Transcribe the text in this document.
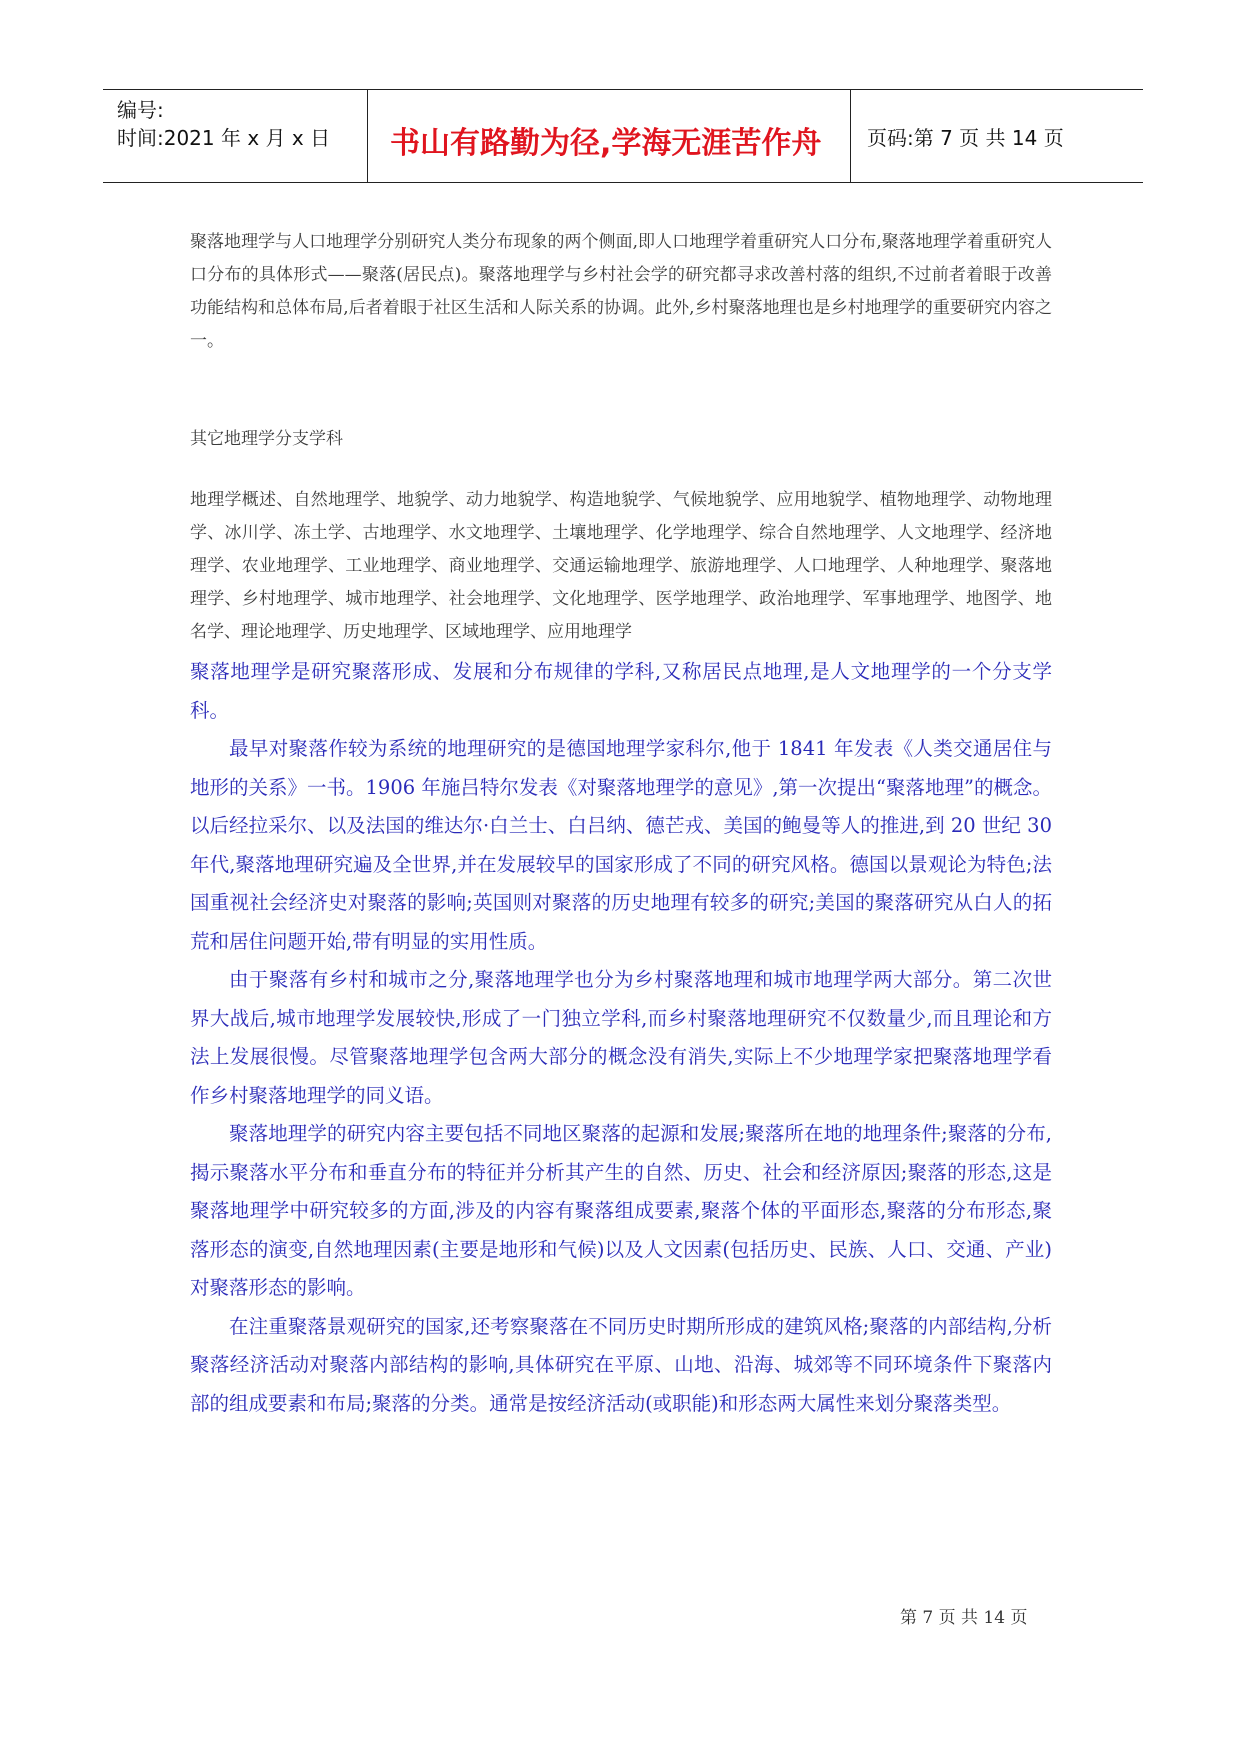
编号:
时间:2021 年 x 月 x 日 书山有路勤为径,学海无涯苦作舟 页码:第 7 页 共 14 页
聚落地理学与人口地理学分别研究人类分布现象的两个侧面,即人口地理学着重研究人口分布,聚落地理学着重研究人口分布的具体形式——聚落(居民点)。聚落地理学与乡村社会学的研究都寻求改善村落的组织,不过前者着眼于改善功能结构和总体布局,后者着眼于社区生活和人际关系的协调。此外,乡村聚落地理也是乡村地理学的重要研究内容之一。
其它地理学分支学科
地理学概述、自然地理学、地貌学、动力地貌学、构造地貌学、气候地貌学、应用地貌学、植物地理学、动物地理学、冰川学、冻土学、古地理学、水文地理学、土壤地理学、化学地理学、综合自然地理学、人文地理学、经济地理学、农业地理学、工业地理学、商业地理学、交通运输地理学、旅游地理学、人口地理学、人种地理学、聚落地理学、乡村地理学、城市地理学、社会地理学、文化地理学、医学地理学、政治地理学、军事地理学、地图学、地名学、理论地理学、历史地理学、区域地理学、应用地理学

聚落地理学是研究聚落形成、发展和分布规律的学科,又称居民点地理,是人文地理学的一个分支学科。

最早对聚落作较为系统的地理研究的是德国地理学家科尔,他于 1841 年发表《人类交通居住与地形的关系》一书。1906 年施吕特尔发表《对聚落地理学的意见》,第一次提出“聚落地理”的概念。以后经拉采尔、以及法国的维达尔·白兰士、白吕纳、德芒戎、美国的鲍曼等人的推进,到 20 世纪 30 年代,聚落地理研究遍及全世界,并在发展较早的国家形成了不同的研究风格。德国以景观论为特色;法国重视社会经济史对聚落的影响;英国则对聚落的历史地理有较多的研究;美国的聚落研究从白人的拓荒和居住问题开始,带有明显的实用性质。

由于聚落有乡村和城市之分,聚落地理学也分为乡村聚落地理和城市地理学两大部分。第二次世界大战后,城市地理学发展较快,形成了一门独立学科,而乡村聚落地理研究不仅数量少,而且理论和方法上发展很慢。尽管聚落地理学包含两大部分的概念没有消失,实际上不少地理学家把聚落地理学看作乡村聚落地理学的同义语。

聚落地理学的研究内容主要包括不同地区聚落的起源和发展;聚落所在地的地理条件;聚落的分布,揭示聚落水平分布和垂直分布的特征并分析其产生的自然、历史、社会和经济原因;聚落的形态,这是聚落地理学中研究较多的方面,涉及的内容有聚落组成要素,聚落个体的平面形态,聚落的分布形态,聚落形态的演变,自然地理因素(主要是地形和气候)以及人文因素(包括历史、民族、人口、交通、产业)对聚落形态的影响。

在注重聚落景观研究的国家,还考察聚落在不同历史时期所形成的建筑风格;聚落的内部结构,分析聚落经济活动对聚落内部结构的影响,具体研究在平原、山地、沿海、城郊等不同环境条件下聚落内部的组成要素和布局;聚落的分类。通常是按经济活动(或职能)和形态两大属性来划分聚落类型。

第 7 页 共 14 页
